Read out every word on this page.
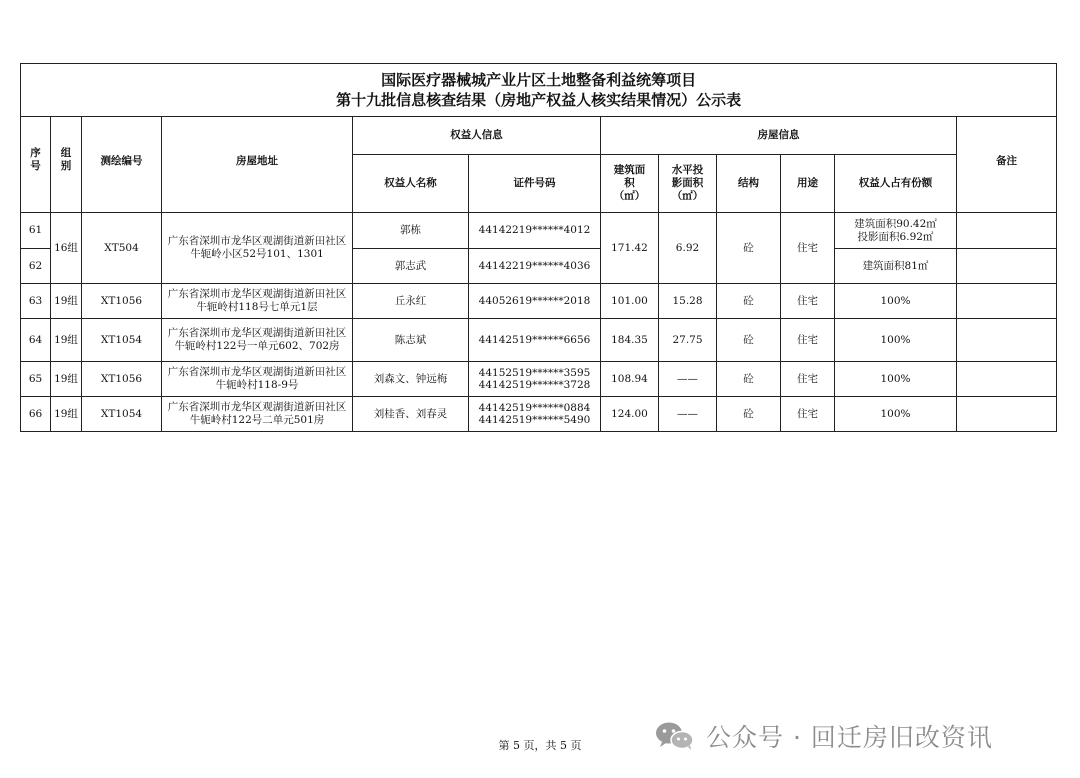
国际医疗器械城产业片区土地整备利益统筹项目
第十九批信息核查结果（房地产权益人核实结果情况）公示表											

序
号	组
别	测绘编号	房屋地址	权益人信息		房屋信息					备注
				权益人名称	证件号码	建筑面
积
（㎡）	水平投
影面积
（㎡）	结构	用途	权益人占有份额	
61	16组	XT504	广东省深圳市龙华区观湖街道新田社区牛轭岭小区52号101、1301	郭栋	44142219******4012	171.42	6.92	砼	住宅	建筑面积90.42㎡
投影面积6.92㎡	

62				郭志武	44142219******4036					建筑面积81㎡	
63	19组	XT1056	广东省深圳市龙华区观湖街道新田社区牛轭岭村118号七单元1层	丘永红	44052619******2018	101.00	15.28	砼	住宅	100%	
64	19组	XT1054	广东省深圳市龙华区观湖街道新田社区牛轭岭村122号一单元602、702房	陈志斌	44142519******6656	184.35	27.75	砼	住宅	100%	
65	19组	XT1056	广东省深圳市龙华区观湖街道新田社区牛轭岭村118-9号	刘森文、钟远梅	44152519******3595
44142519******3728	108.94	——	砼	住宅	100%	
66	19组	XT1054	广东省深圳市龙华区观湖街道新田社区牛轭岭村122号二单元501房	刘桂香、刘春灵	44142519******0884
44142519******5490	124.00	——	砼	住宅	100%	
第 5 页，共 5 页	公众号 · 回迁房旧改资讯
